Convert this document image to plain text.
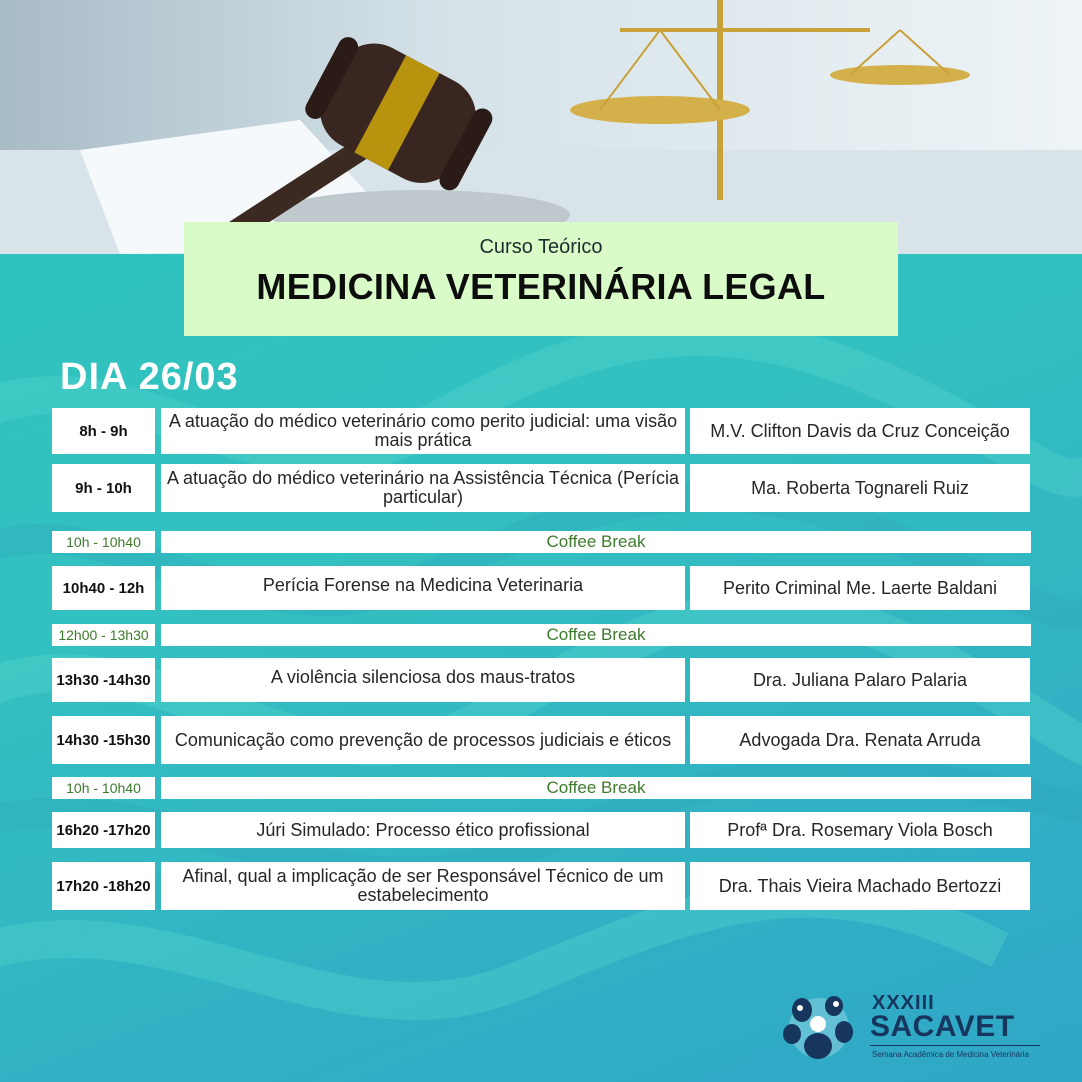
Curso Teórico
MEDICINA VETERINÁRIA LEGAL
DIA 26/03
8h - 9h	A atuação do médico veterinário como perito judicial: uma visão mais prática	M.V. Clifton Davis da Cruz Conceição
9h - 10h	A atuação do médico veterinário na Assistência Técnica (Perícia particular)	Ma. Roberta Tognareli Ruiz
10h - 10h40	Coffee Break
10h40 - 12h	Perícia Forense na Medicina Veterinaria	Perito Criminal Me. Laerte Baldani
12h00 - 13h30	Coffee Break
13h30 -14h30	A violência silenciosa dos maus-tratos	Dra. Juliana Palaro Palaria
14h30 -15h30	Comunicação como prevenção de processos judiciais e éticos	Advogada Dra. Renata Arruda
10h - 10h40	Coffee Break
16h20 -17h20	Júri Simulado: Processo ético profissional	Profª Dra. Rosemary Viola Bosch
17h20 -18h20	Afinal, qual a implicação de ser Responsável Técnico de um estabelecimento	Dra. Thais Vieira Machado Bertozzi
XXXIII
SACAVET
Semana Acadêmica de Medicina Veterinária
